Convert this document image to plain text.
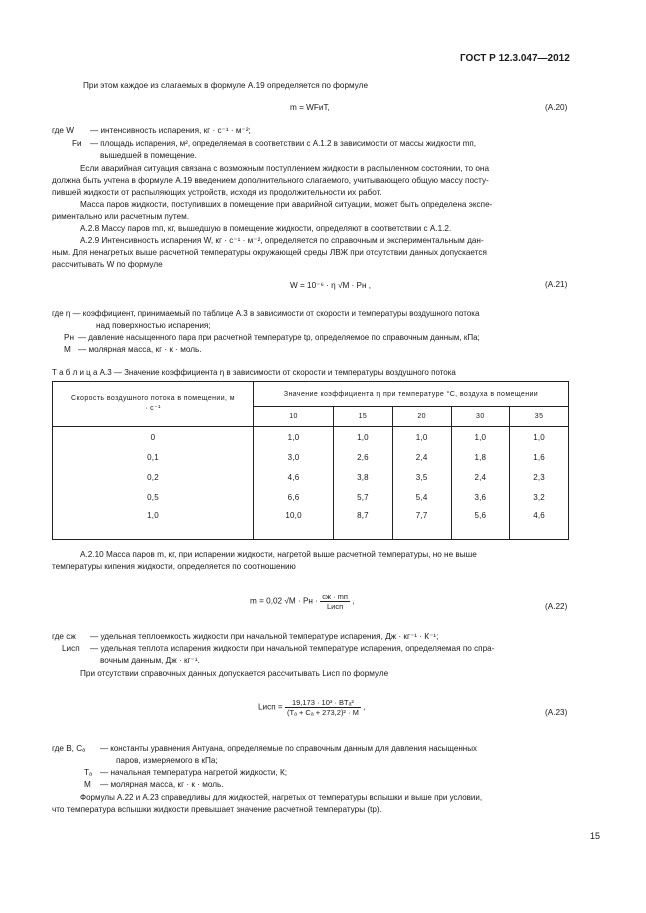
ГОСТ Р 12.3.047—2012
При этом каждое из слагаемых в формуле А.19 определяется по формуле
m = WFиT,	(А.20)
где W — интенсивность испарения, кг · с⁻¹ · м⁻²;
Fи — площадь испарения, м², определяемая в соответствии с А.1.2 в зависимости от массы жидкости mп,
вышедшей в помещение.
Если аварийная ситуация связана с возможным поступлением жидкости в распыленном состоянии, то она
должна быть учтена в формуле А.19 введением дополнительного слагаемого, учитывающего общую массу посту-
пившей жидкости от распыляющих устройств, исходя из продолжительности их работ.
Масса паров жидкости, поступивших в помещение при аварийной ситуации, может быть определена экспе-
риментально или расчетным путем.
А.2.8 Массу паров mп, кг, вышедшую в помещение жидкости, определяют в соответствии с А.1.2.
А.2.9 Интенсивность испарения W, кг · с⁻¹ · м⁻², определяется по справочным и экспериментальным дан-
ным. Для ненагретых выше расчетной температуры окружающей среды ЛВЖ при отсутствии данных допускается
рассчитывать W по формуле
W = 10⁻⁶ · η √M · Pн ,	(А.21)
где η — коэффициент, принимаемый по таблице А.3 в зависимости от скорости и температуры воздушного потока
над поверхностью испарения;
Pн — давление насыщенного пара при расчетной температуре tр, определяемое по справочным данным, кПа;
M — молярная масса, кг · к · моль.
Т а б л и ц а А.3 — Значение коэффициента η в зависимости от скорости и температуры воздушного потока
Скорость воздушного потока в помещении, м · с⁻¹	Значение коэффициента η при температуре °С, воздуха в помещении				
	10	15	20	30	35
0	1,0	1,0	1,0	1,0	1,0
0,1	3,0	2,6	2,4	1,8	1,6
0,2	4,6	3,8	3,5	2,4	2,3
0,5	6,6	5,7	5,4	3,6	3,2
1,0	10,0	8,7	7,7	5,6	4,6
А.2.10 Масса паров m, кг, при испарении жидкости, нагретой выше расчетной температуры, но не выше
температуры кипения жидкости, определяется по соотношению
m = 0,02 √M · Pн · $\frac{cж \cdot mп}{\text{Lисп}}$ ,
(А.22)
где cж — удельная теплоемкость жидкости при начальной температуре испарения, Дж · кг⁻¹ · К⁻¹;
Lисп — удельная теплота испарения жидкости при начальной температуре испарения, определяемая по спра-
вочным данным, Дж · кг⁻¹.
При отсутствии справочных данных допускается рассчитывать Lисп по формуле
Lисп = $\frac{\text{19,173 · 10³ · BTₐ²}}{\text{(Tₐ + Cₐ + 273,2)² · M}}$ ,
(А.23)
где B, Cₐ — константы уравнения Антуана, определяемые по справочным данным для давления насыщенных
паров, измеряемого в кПа;
Tₐ — начальная температура нагретой жидкости, К;
M — молярная масса, кг · к · моль.
Формулы А.22 и А.23 справедливы для жидкостей, нагретых от температуры вспышки и выше при условии,
что температура вспышки жидкости превышает значение расчетной температуры (tр).
15
